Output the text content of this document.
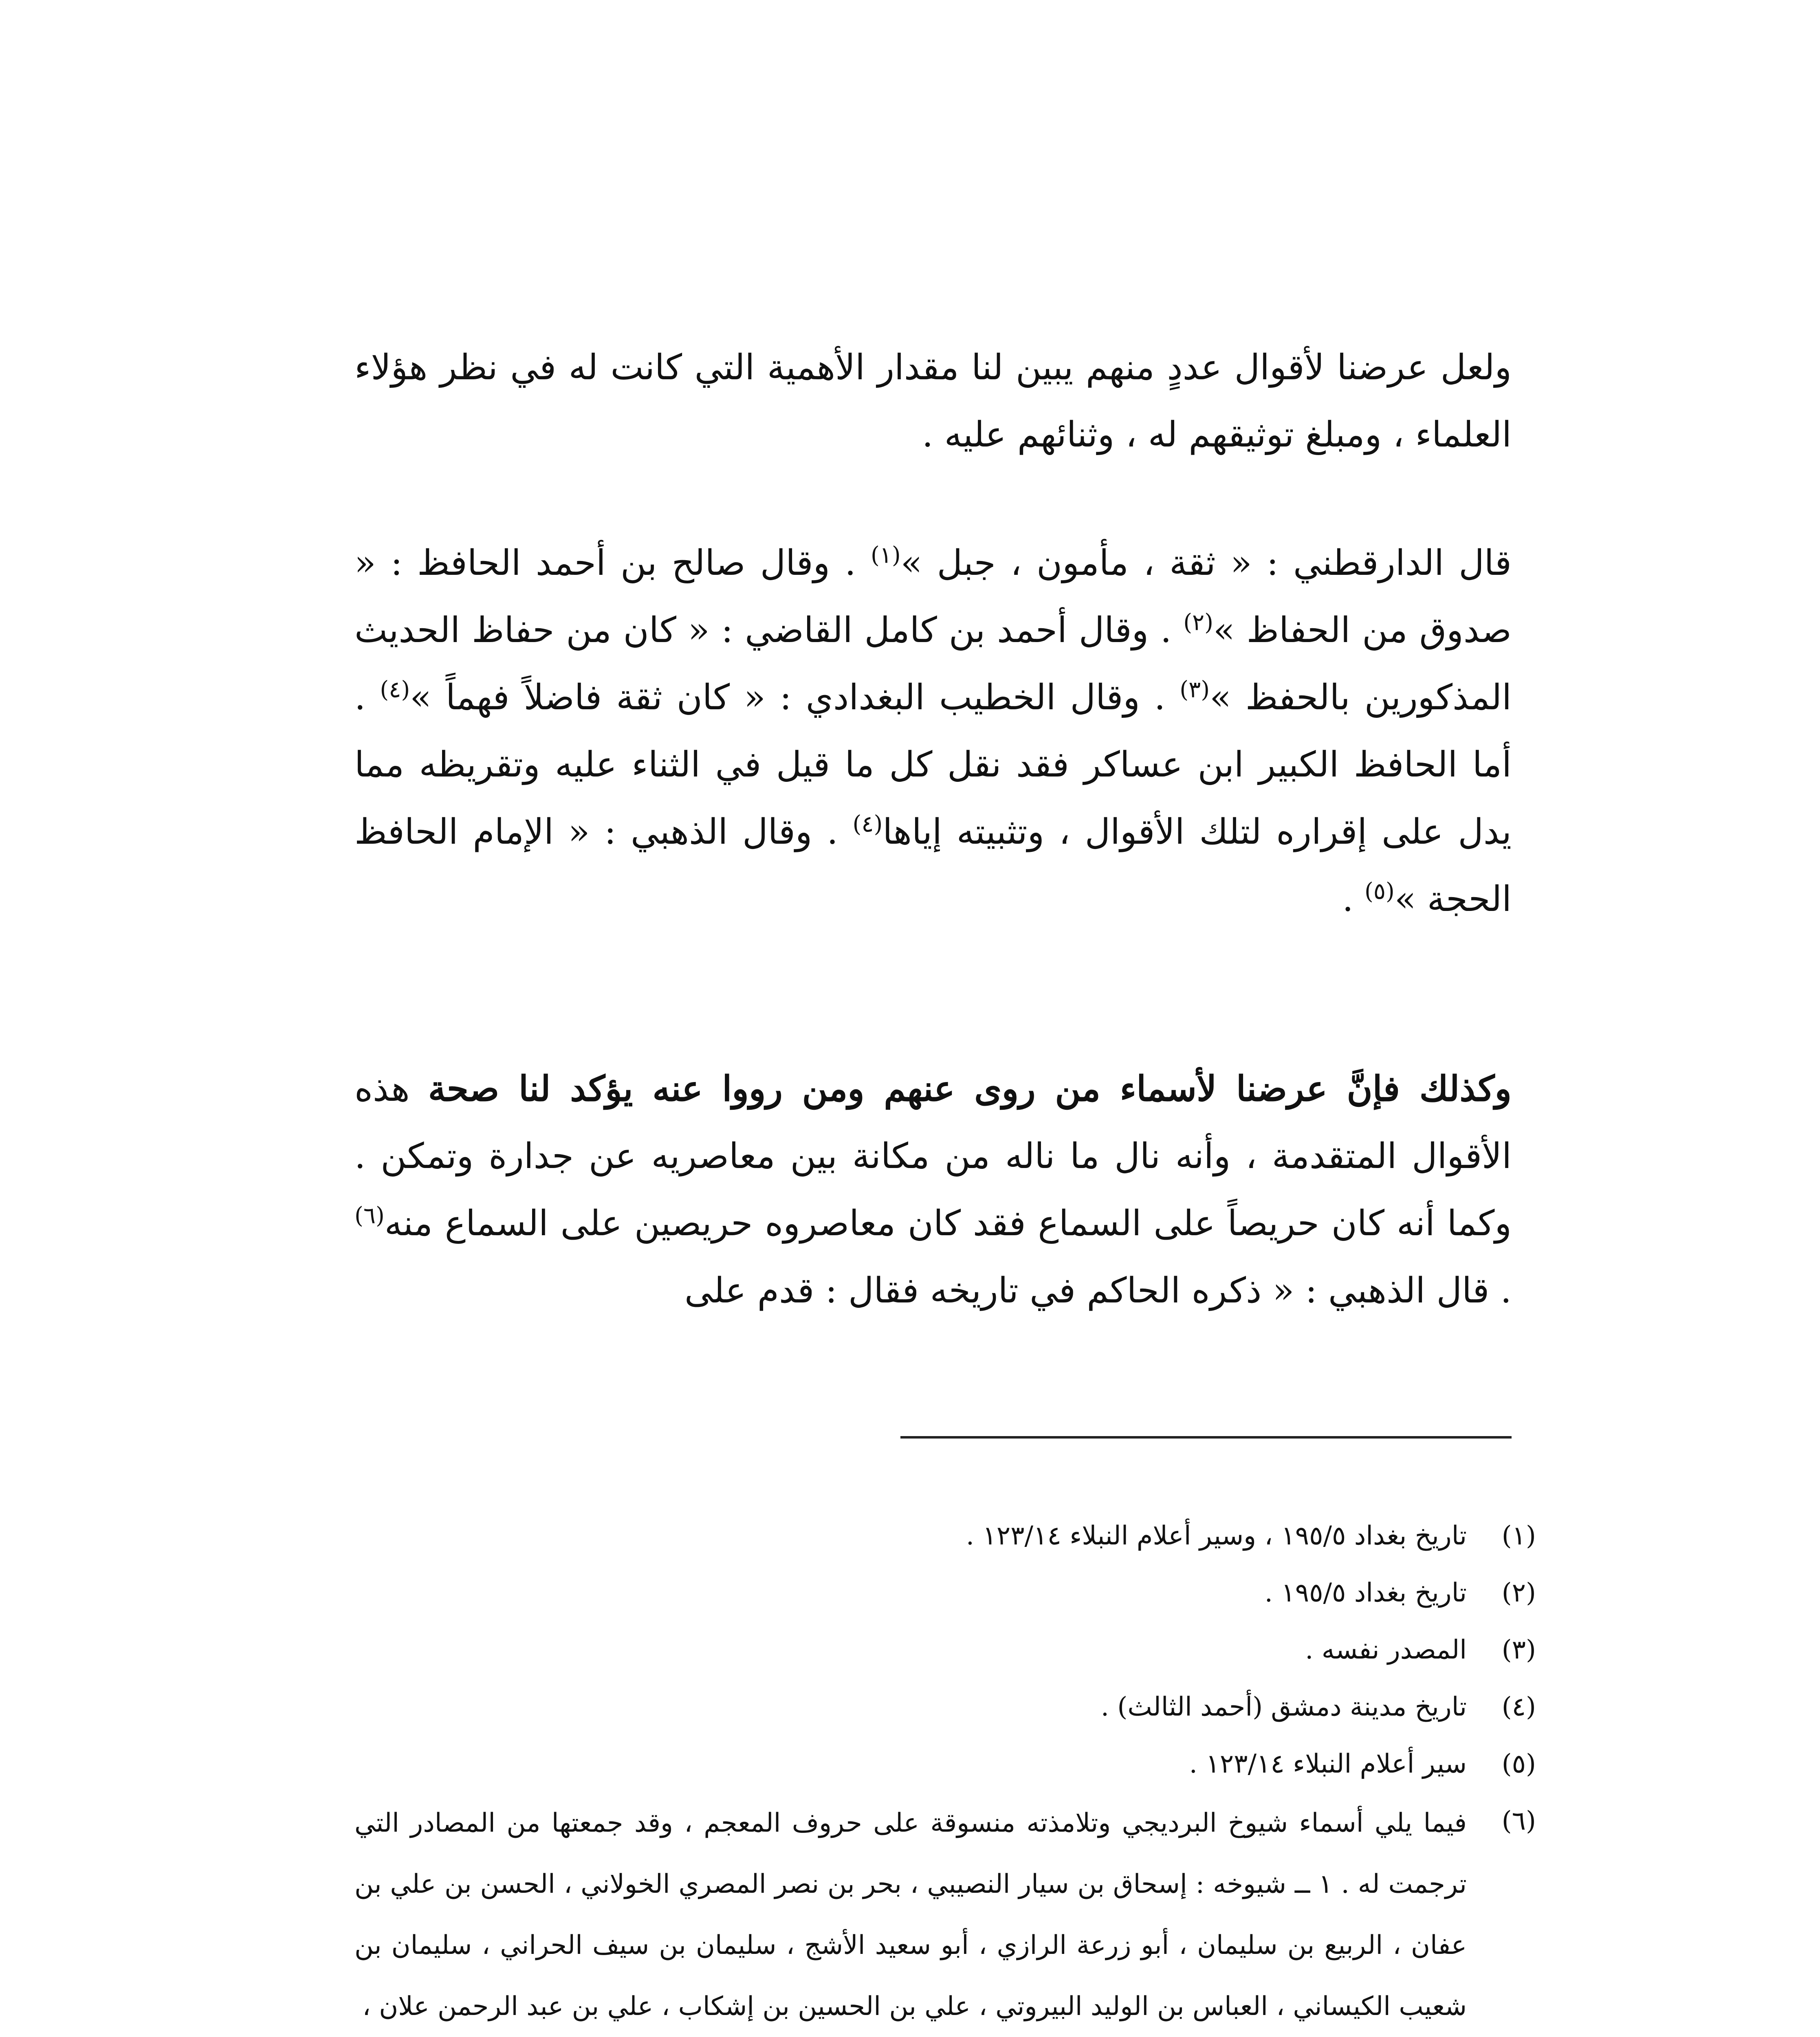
ولعل عرضنا لأقوال عددٍ منهم يبين لنا مقدار الأهمية التي كانت له في نظر هؤلاء العلماء ، ومبلغ توثيقهم له ، وثنائهم عليه .

قال الدارقطني : « ثقة ، مأمون ، جبل »$^{(١)}$ . وقال صالح بن أحمد الحافظ : « صدوق من الحفاظ »$^{(٢)}$ . وقال أحمد بن كامل القاضي : « كان من حفاظ الحديث المذكورين بالحفظ »$^{(٣)}$ . وقال الخطيب البغدادي : « كان ثقة فاضلاً فهماً »$^{(٤)}$ . أما الحافظ الكبير ابن عساكر فقد نقل كل ما قيل في الثناء عليه وتقريظه مما يدل على إقراره لتلك الأقوال ، وتثبيته إياها$^{(٤)}$ . وقال الذهبي : « الإمام الحافظ الحجة »$^{(٥)}$ .

وكذلك فإنَّ عرضنا لأسماء من روى عنهم ومن رووا عنه يؤكد لنا صحة هذه الأقوال المتقدمة ، وأنه نال ما ناله من مكانة بين معاصريه عن جدارة وتمكن . وكما أنه كان حريصاً على السماع فقد كان معاصروه حريصين على السماع منه$^{(٦)}$ . قال الذهبي : « ذكره الحاكم في تاريخه فقال : قدم على

(١)
تاريخ بغداد ١٩٥/٥ ، وسير أعلام النبلاء ١٢٣/١٤ .
(٢)
تاريخ بغداد ١٩٥/٥ .
(٣)
المصدر نفسه .
(٤)
تاريخ مدينة دمشق (أحمد الثالث) .
(٥)
سير أعلام النبلاء ١٢٣/١٤ .
(٦)
فيما يلي أسماء شيوخ البرديجي وتلامذته منسوقة على حروف المعجم ، وقد جمعتها من المصادر التي ترجمت له . ١ ــ شيوخه : إسحاق بن سيار النصيبي ، بحر بن نصر المصري الخولاني ، الحسن بن علي بن عفان ، الربيع بن سليمان ، أبو زرعة الرازي ، أبو سعيد الأشج ، سليمان بن سيف الحراني ، سليمان بن شعيب الكيساني ، العباس بن الوليد البيروتي ، علي بن الحسين بن إشكاب ، علي بن عبد الرحمن علان ،
